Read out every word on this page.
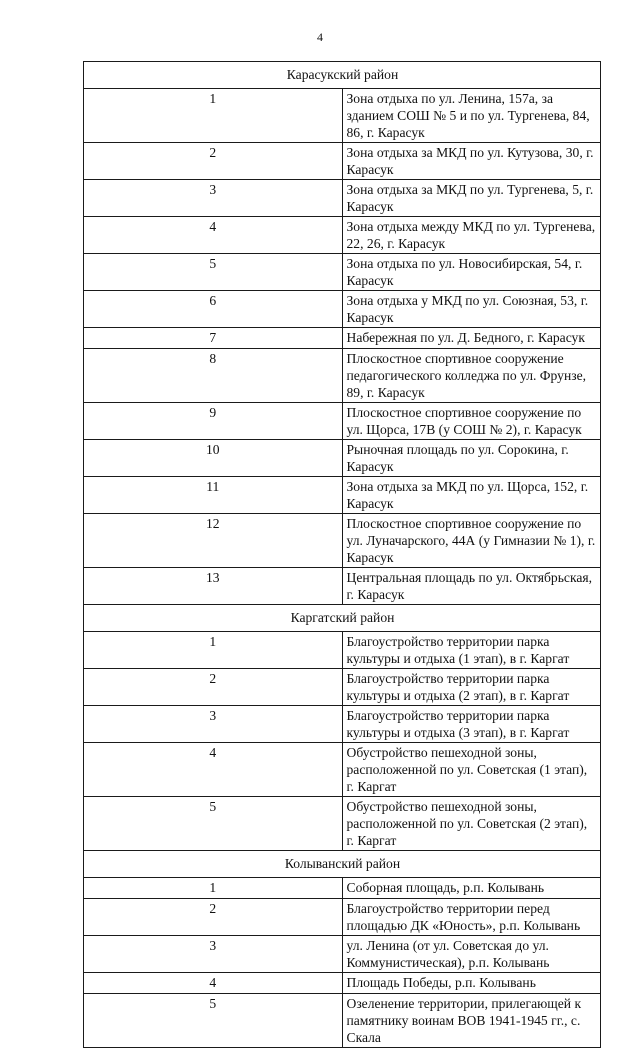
4
Карасукский район	
1	Зона отдыха по ул. Ленина, 157а, за зданием СОШ № 5 и по ул. Тургенева, 84, 86, г. Карасук
2	Зона отдыха за МКД по ул. Кутузова, 30, г. Карасук
3	Зона отдыха за МКД по ул. Тургенева, 5, г. Карасук
4	Зона отдыха между МКД по ул. Тургенева, 22, 26, г. Карасук
5	Зона отдыха по ул. Новосибирская, 54, г. Карасук
6	Зона отдыха у МКД по ул. Союзная, 53, г. Карасук
7	Набережная по ул. Д. Бедного, г. Карасук
8	Плоскостное спортивное сооружение педагогического колледжа по ул. Фрунзе, 89, г. Карасук
9	Плоскостное спортивное сооружение по ул. Щорса, 17В (у СОШ № 2), г. Карасук
10	Рыночная площадь по ул. Сорокина, г. Карасук
11	Зона отдыха за МКД по ул. Щорса, 152, г. Карасук
12	Плоскостное спортивное сооружение по ул. Луначарского, 44А (у Гимназии № 1), г. Карасук
13	Центральная площадь по ул. Октябрьская, г. Карасук
Каргатский район	
1	Благоустройство территории парка культуры и отдыха (1 этап), в г. Каргат
2	Благоустройство территории парка культуры и отдыха (2 этап), в г. Каргат
3	Благоустройство территории парка культуры и отдыха (3 этап), в г. Каргат
4	Обустройство пешеходной зоны, расположенной по ул. Советская (1 этап), г. Каргат
5	Обустройство пешеходной зоны, расположенной по ул. Советская (2 этап), г. Каргат
Колыванский район	
1	Соборная площадь, р.п. Колывань
2	Благоустройство территории перед площадью ДК «Юность», р.п. Колывань
3	ул. Ленина (от ул. Советская до ул. Коммунистическая), р.п. Колывань
4	Площадь Победы, р.п. Колывань
5	Озеленение территории, прилегающей к памятнику воинам ВОВ 1941-1945 гг., с. Скала
